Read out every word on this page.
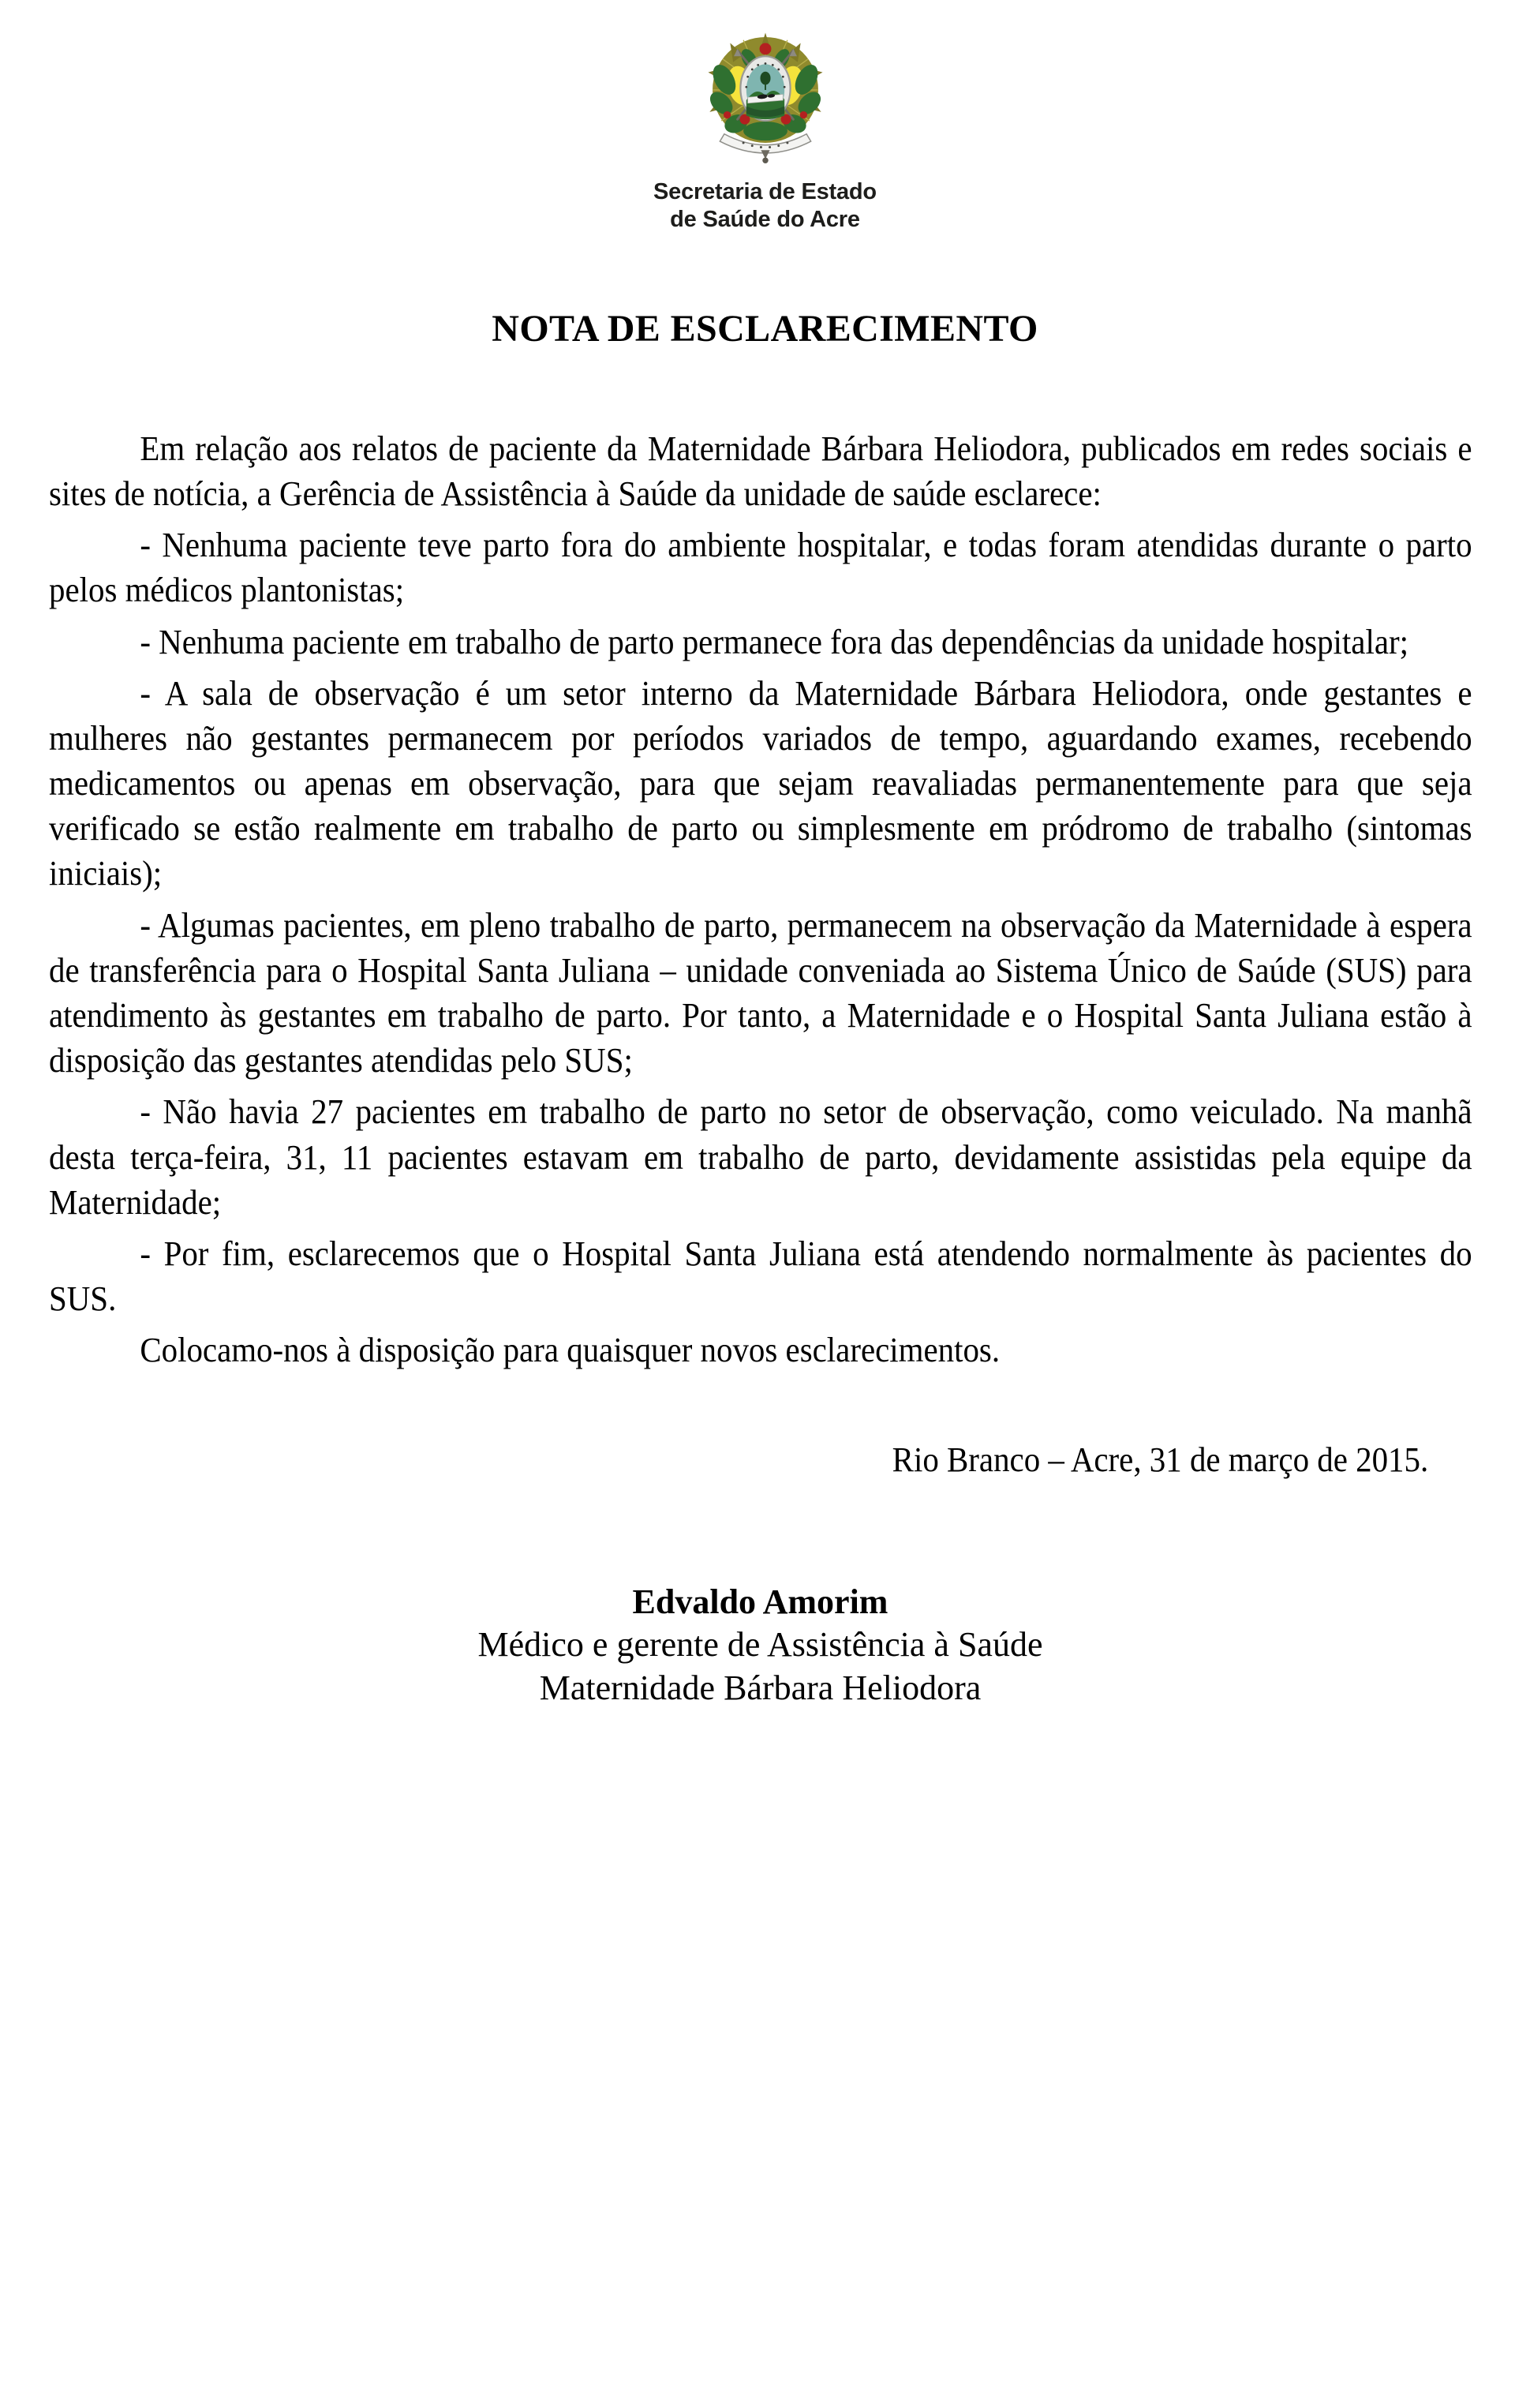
Secretaria de Estado
de Saúde do Acre
NOTA DE ESCLARECIMENTO

Em relação aos relatos de paciente da Maternidade Bárbara Heliodora, publicados em redes sociais e sites de notícia, a Gerência de Assistência à Saúde da unidade de saúde esclarece:

- Nenhuma paciente teve parto fora do ambiente hospitalar, e todas foram atendidas durante o parto pelos médicos plantonistas;

- Nenhuma paciente em trabalho de parto permanece fora das dependências da unidade hospitalar;

- A sala de observação é um setor interno da Maternidade Bárbara Heliodora, onde gestantes e mulheres não gestantes permanecem por períodos variados de tempo, aguardando exames, recebendo medicamentos ou apenas em observação, para que sejam reavaliadas permanentemente para que seja verificado se estão realmente em trabalho de parto ou simplesmente em pródromo de trabalho (sintomas iniciais);

- Algumas pacientes, em pleno trabalho de parto, permanecem na observação da Maternidade à espera de transferência para o Hospital Santa Juliana – unidade conveniada ao Sistema Único de Saúde (SUS) para atendimento às gestantes em trabalho de parto. Por tanto, a Maternidade e o Hospital Santa Juliana estão à disposição das gestantes atendidas pelo SUS;

- Não havia 27 pacientes em trabalho de parto no setor de observação, como veiculado. Na manhã desta terça-feira, 31, 11 pacientes estavam em trabalho de parto, devidamente assistidas pela equipe da Maternidade;

- Por fim, esclarecemos que o Hospital Santa Juliana está atendendo normalmente às pacientes do SUS.

Colocamo-nos à disposição para quaisquer novos esclarecimentos.

Rio Branco – Acre, 31 de março de 2015.
Edvaldo Amorim
Médico e gerente de Assistência à Saúde
Maternidade Bárbara Heliodora
